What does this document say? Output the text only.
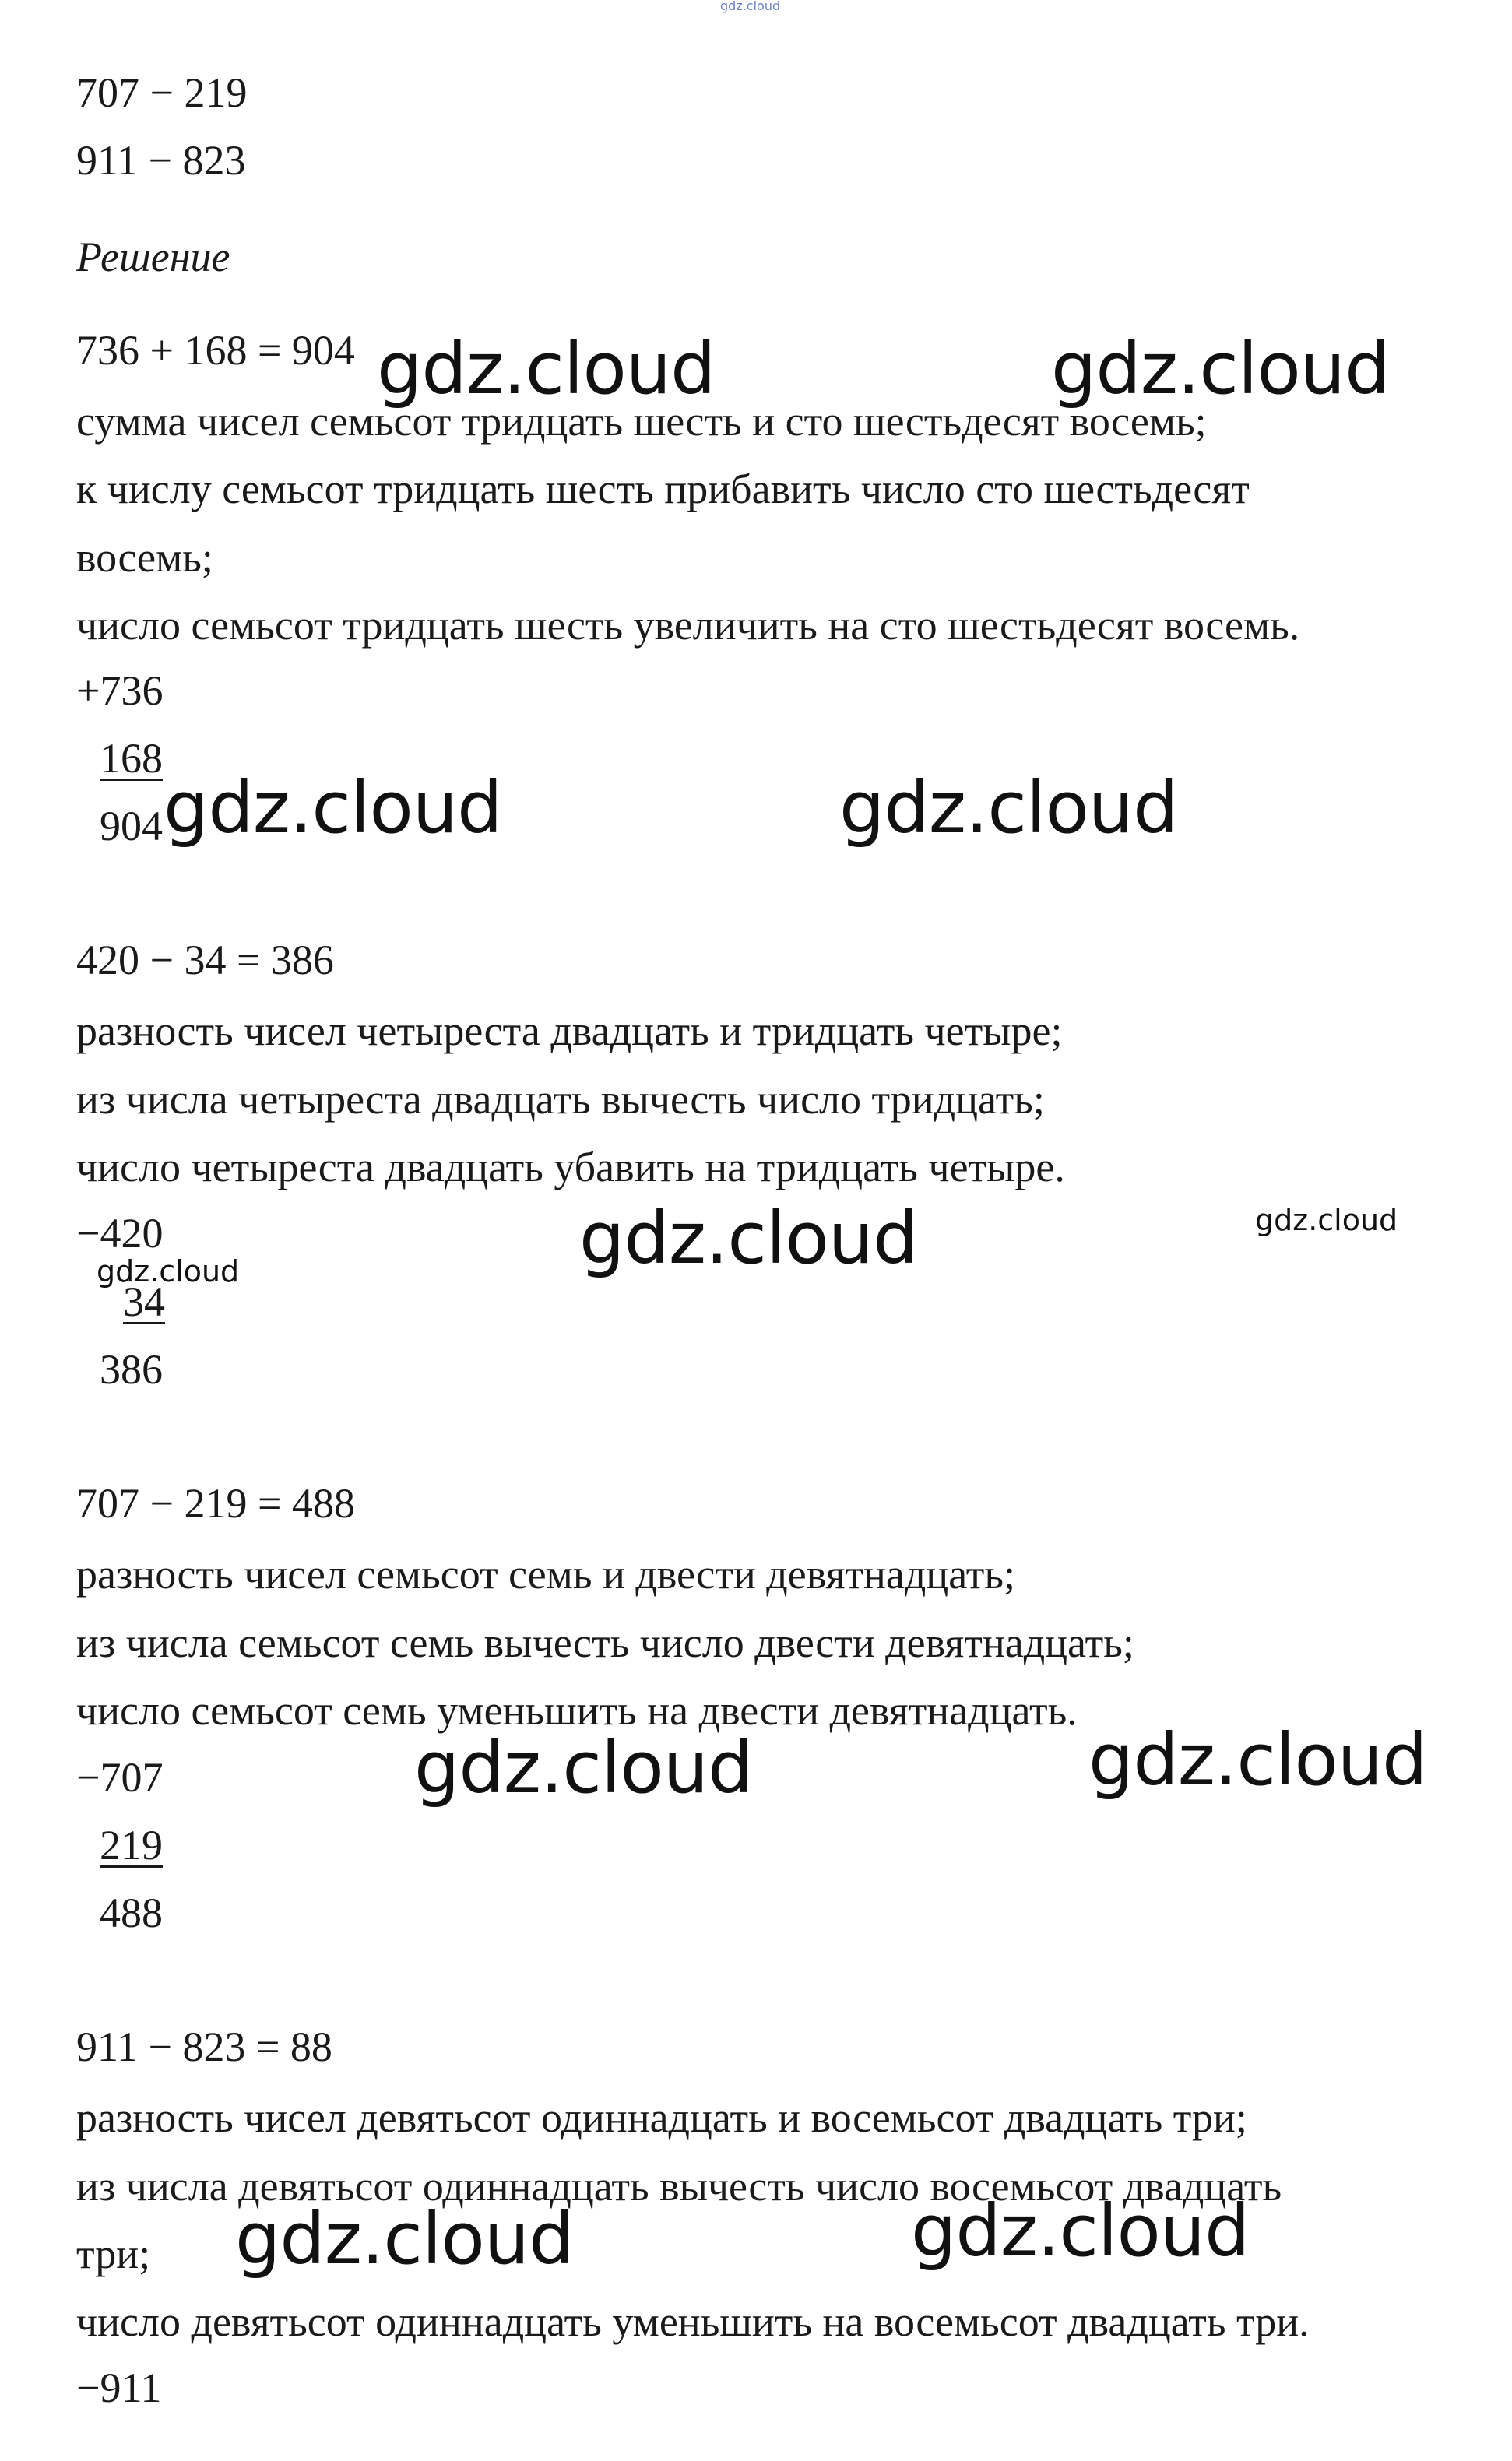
gdz.cloud

707 − 219

911 − 823

Решение

736 + 168 = 904

сумма чисел семьсот тридцать шесть и сто шестьдесят восемь;

к числу семьсот тридцать шесть прибавить число сто шестьдесят

восемь;

число семьсот тридцать шесть увеличить на сто шестьдесят восемь.

+736

168

904

420 − 34 = 386

разность чисел четыреста двадцать и тридцать четыре;

из числа четыреста двадцать вычесть число тридцать;

число четыреста двадцать убавить на тридцать четыре.

−420

34

386

707 − 219 = 488

разность чисел семьсот семь и двести девятнадцать;

из числа семьсот семь вычесть число двести девятнадцать;

число семьсот семь уменьшить на двести девятнадцать.

−707

219

488

911 − 823 = 88

разность чисел девятьсот одиннадцать и восемьсот двадцать три;

из числа девятьсот одиннадцать вычесть число восемьсот двадцать

три;

число девятьсот одиннадцать уменьшить на восемьсот двадцать три.

−911

gdz.cloud	gdz.cloud
gdz.cloud	gdz.cloud
gdz.cloud	gdz.cloud
gdz.cloud
gdz.cloud	gdz.cloud
gdz.cloud	gdz.cloud
